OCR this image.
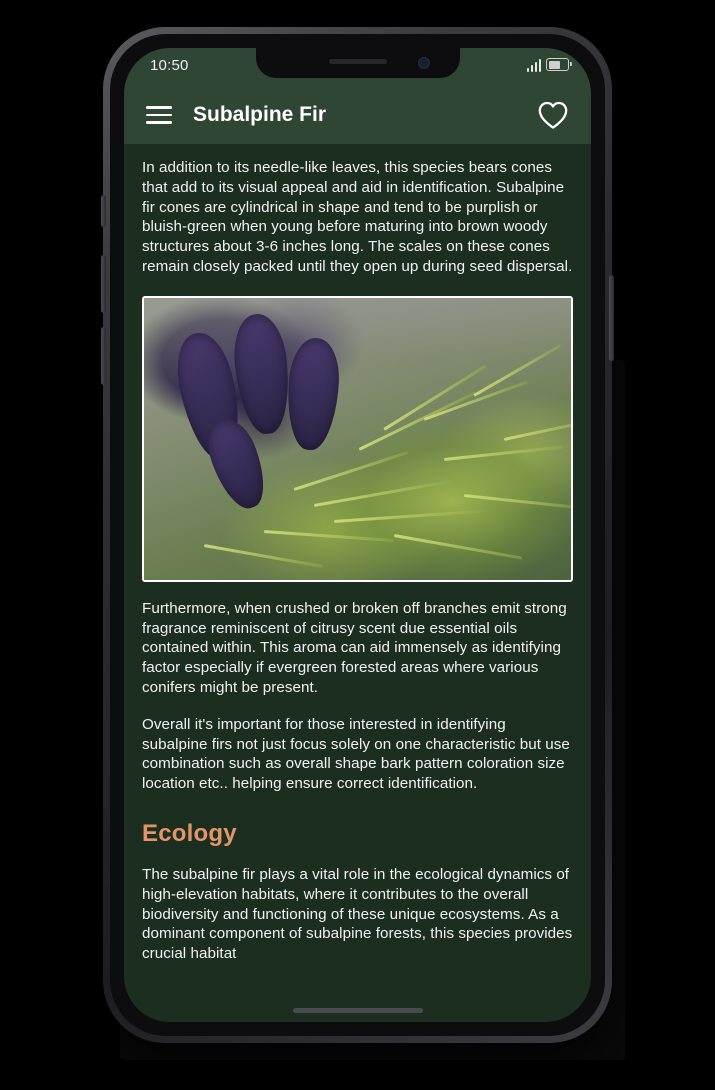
10:50
Subalpine Fir

In addition to its needle-like leaves, this species bears cones that add to its visual appeal and aid in identification. Subalpine fir cones are cylindrical in shape and tend to be purplish or bluish-green when young before maturing into brown woody structures about 3-6 inches long. The scales on these cones remain closely packed until they open up during seed dispersal.

Furthermore, when crushed or broken off branches emit strong fragrance reminiscent of citrusy scent due essential oils contained within. This aroma can aid immensely as identifying factor especially if evergreen forested areas where various conifers might be present.

Overall it's important for those interested in identifying subalpine firs not just focus solely on one characteristic but use combination such as overall shape bark pattern coloration size location etc.. helping ensure correct identification.

Ecology

The subalpine fir plays a vital role in the ecological dynamics of high-elevation habitats, where it contributes to the overall biodiversity and functioning of these unique ecosystems. As a dominant component of subalpine forests, this species provides crucial habitat
